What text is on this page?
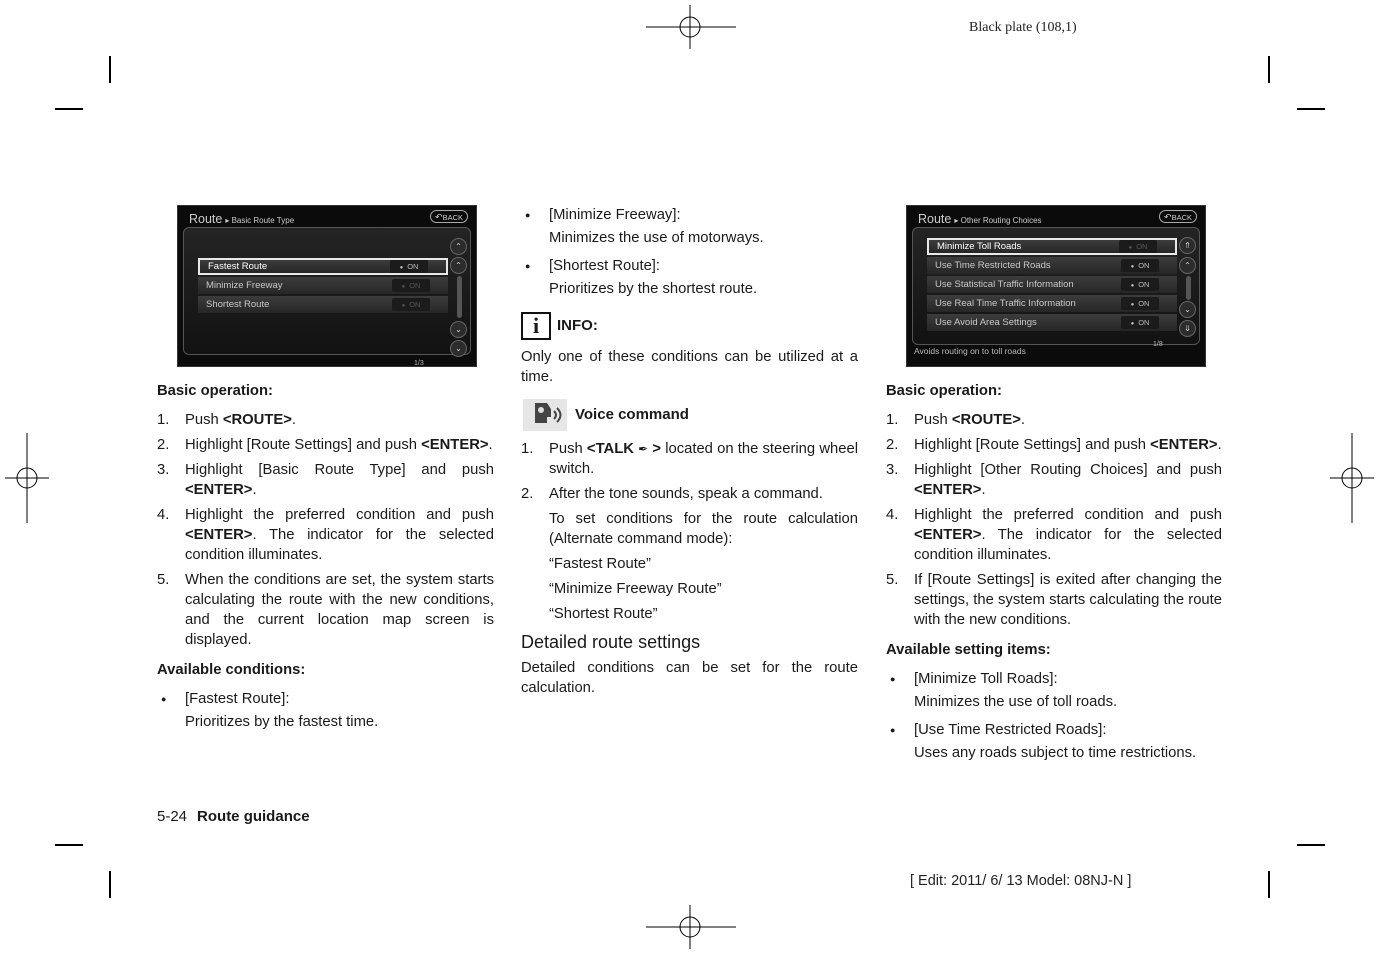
Black plate (108,1)
Route ▸ Basic Route Type	↶ BACK
Fastest Route	● ON
Minimize Freeway	● ON
Shortest Route	● ON
⌃
⌃
⌄
⌄
1/3
Basic operation:
1. Push <ROUTE>.
2. Highlight [Route Settings] and push <ENTER>.
3. Highlight [Basic Route Type] and push <ENTER>.
4. Highlight the preferred condition and push <ENTER>. The indicator for the selected condition illuminates.
5. When the conditions are set, the system starts calculating the route with the new conditions, and the current location map screen is displayed.
Available conditions:
● [Fastest Route]:
Prioritizes by the fastest time.
● [Minimize Freeway]:
Minimizes the use of motorways.
● [Shortest Route]:
Prioritizes by the shortest route.
i	INFO:

Only one of these conditions can be utilized at a time.

Voice command
1. Push <TALK ✒ > located on the steering wheel switch.
2. After the tone sounds, speak a command.
To set conditions for the route calculation (Alternate command mode):
“Fastest Route”
“Minimize Freeway Route”
“Shortest Route”
Detailed route settings

Detailed conditions can be set for the route calculation.

Route ▸ Other Routing Choices	↶ BACK
Minimize Toll Roads	● ON
Use Time Restricted Roads	● ON
Use Statistical Traffic Information	● ON
Use Real Time Traffic Information	● ON
Use Avoid Area Settings	● ON
⇑
⌃
⌄
⇓
1/8
Avoids routing on to toll roads
Basic operation:
1. Push <ROUTE>.
2. Highlight [Route Settings] and push <ENTER>.
3. Highlight [Other Routing Choices] and push <ENTER>.
4. Highlight the preferred condition and push <ENTER>. The indicator for the selected condition illuminates.
5. If [Route Settings] is exited after changing the settings, the system starts calculating the route with the new conditions.
Available setting items:
● [Minimize Toll Roads]:
Minimizes the use of toll roads.
● [Use Time Restricted Roads]:
Uses any roads subject to time restrictions.
5-24 Route guidance
[ Edit: 2011/ 6/ 13 Model: 08NJ-N ]
